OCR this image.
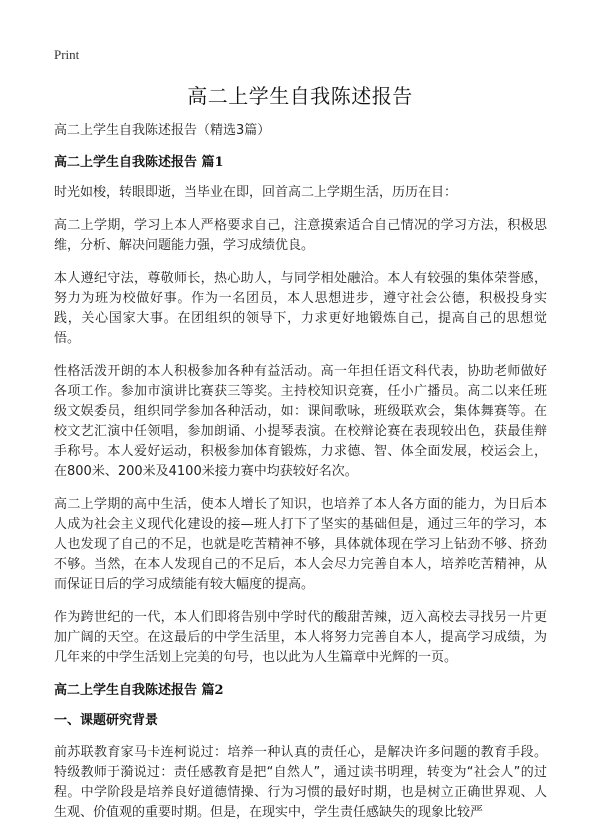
Print
高二上学生自我陈述报告

高二上学生自我陈述报告（精选3篇）

高二上学生自我陈述报告 篇1

时光如梭，转眼即逝，当毕业在即，回首高二上学期生活，历历在目：

高二上学期，学习上本人严格要求自己，注意摸索适合自己情况的学习方法，积极思维，分析、解决问题能力强，学习成绩优良。

本人遵纪守法，尊敬师长，热心助人，与同学相处融洽。本人有较强的集体荣誉感，努力为班为校做好事。作为一名团员，本人思想进步，遵守社会公德，积极投身实践，关心国家大事。在团组织的领导下，力求更好地锻炼自己，提高自己的思想觉悟。

性格活泼开朗的本人积极参加各种有益活动。高一年担任语文科代表，协助老师做好各项工作。参加市演讲比赛获三等奖。主持校知识竞赛，任小广播员。高二以来任班级文娱委员，组织同学参加各种活动，如：课间歌咏，班级联欢会，集体舞赛等。在校文艺汇演中任领唱，参加朗诵、小提琴表演。在校辩论赛在表现较出色，获最佳辩手称号。本人爱好运动，积极参加体育锻炼，力求德、智、体全面发展，校运会上，在800米、200米及4100米接力赛中均获较好名次。

高二上学期的高中生活，使本人增长了知识，也培养了本人各方面的能力，为日后本人成为社会主义现代化建设的接—班人打下了坚实的基础但是，通过三年的学习，本人也发现了自己的不足，也就是吃苦精神不够，具体就体现在学习上钻劲不够、挤劲不够。当然，在本人发现自己的不足后，本人会尽力完善自本人，培养吃苦精神，从而保证日后的学习成绩能有较大幅度的提高。

作为跨世纪的一代，本人们即将告别中学时代的酸甜苦辣，迈入高校去寻找另一片更加广阔的天空。在这最后的中学生活里，本人将努力完善自本人，提高学习成绩，为几年来的中学生活划上完美的句号，也以此为人生篇章中光辉的一页。

高二上学生自我陈述报告 篇2
一、课题研究背景

前苏联教育家马卡连柯说过：培养一种认真的责任心，是解决许多问题的教育手段。特级教师于漪说过：责任感教育是把“自然人”，通过读书明理，转变为“社会人”的过程。中学阶段是培养良好道德情操、行为习惯的最好时期，也是树立正确世界观、人生观、价值观的重要时期。但是，在现实中，学生责任感缺失的现象比较严
